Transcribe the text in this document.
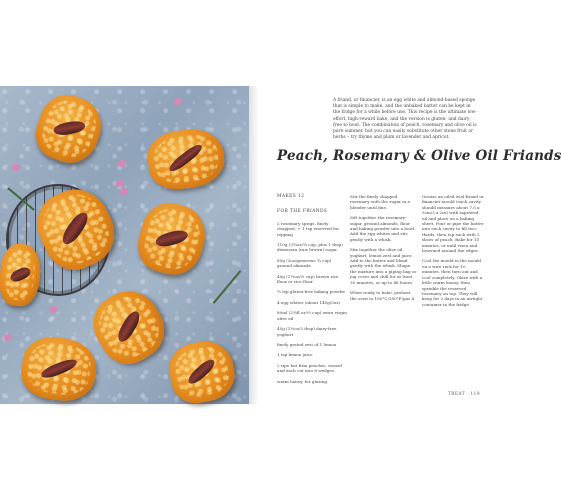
A friand, or financier, is an egg white and almond-based sponge that is simple to make, and the unbaked batter can be kept in the fridge for a while before use. This recipe is the ultimate low-effort, high-reward bake, and the version is gluten- and dairy-free to boot. The combination of peach, rosemary and olive oil is pure summer, but you can easily substitute other stone fruit or herbs – try thyme and plum or lavender and apricot.
Peach, Rosemary & Olive Oil Friands
MAKES 12
FOR THE FRIANDS

2 rosemary sprigs, finely chopped, + 1 tsp reserved for topping

110g (3¾oz/¾ cup, plus 1 tbsp) demerara (raw brown) sugar

85g (3oz/generous ¾ cup) ground almonds

40g (1½oz/⅓ cup) brown rice flour or rice flour

½ tsp gluten-free baking powder

4 egg whites (about 140g/5oz)

80ml (2¾fl oz/⅓ cup) extra virgin olive oil

45g (1½oz/3 tbsp) dairy-free yoghurt

finely grated zest of 1 lemon

1 tsp lemon juice

2 ripe but firm peaches, stoned and each cut into 6 wedges

warm honey, for glazing

Stir the finely chopped rosemary with the sugar in a blender until fine.

Sift together the rosemary-sugar, ground almonds, flour and baking powder into a bowl. Add the egg whites and stir gently with a whisk.

Mix together the olive oil, yoghurt, lemon zest and juice. Add to the batter and blend gently with the whisk. Shape the mixture into a piping bag or jug cover and chill for at least 30 minutes, or up to 48 hours.

When ready to bake, preheat the oven to 180°C/350°F/gas 4.

Grease an oiled oval friand or financier mould (each cavity should measure about 7.5 x 5cm/3 x 2in) with rapeseed oil and place on a baking sheet. Pour or pipe the batter into each cavity to fill two-thirds, then top each with 2 slices of peach. Bake for 15 minutes, or until risen and browned around the edges.

Cool the mould in the mould on a wire rack for 10 minutes, then turn out and cool completely. Glaze with a little warm honey, then sprinkle the reserved rosemary on top. They will keep for 2 days in an airtight container in the fridge.

TREAT · 119
